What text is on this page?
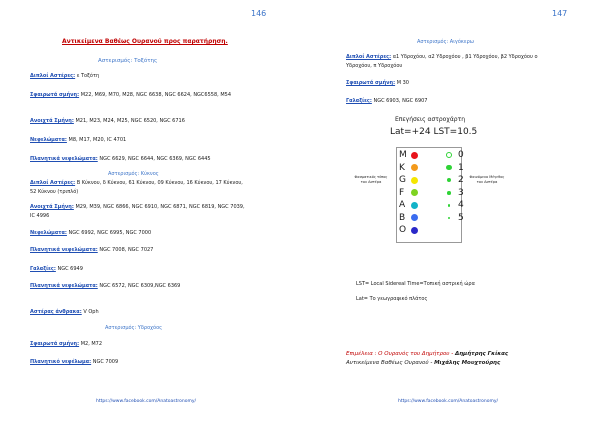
146
Αντικείμενα Βαθέως Ουρανού προς παρατήρηση.
Αστερισμός: Τοξότης
Διπλοί Αστέρες: ε Τοξότη
Σφαιρωτά σμήνη: M22, M69, M70, M28, NGC 6638, NGC 6624, NGC6558, M54
Ανοιχτά Σμήνη: M21, M23, M24, M25, NGC 6520, NGC 6716
Νεφελώματα: M8, M17, M20, IC 4701
Πλανητικά νεφελώματα: NGC 6629, NGC 6644, NGC 6369, NGC 6445
Αστερισμός: Κύκνος
Διπλοί Αστέρες: Β Κύκνου, δ Κύκνου, 61 Κύκνου, 09 Κύκνου, 16 Κύκνου, 17 Κύκνου, 52 Κύκνου (τριπλό)
Ανοιχτά Σμήνη: M29, M39, NGC 6866, NGC 6910, NGC 6871, NGC 6819, NGC 7039, IC 4996
Νεφελώματα: NGC 6992, NGC 6995, NGC 7000
Πλανητικά νεφελώματα: NGC 7008, NGC 7027
Γαλαξίες: NGC 6949
Πλανητικά νεφελώματα: NGC 6572, NGC 6309,NGC 6369
Αστέρας άνθρακα: V Oph
Αστερισμός: Υδροχόος
Σφαιρωτά σμήνη: M2, M72
Πλανητικό νεφέλωμα: NGC 7009
https://www.facebook.com/Anatoastronomy/
147
Αστερισμός: Αιγόκερω
Διπλοί Αστέρες: α1 Υδροχόου, α2 Υδροχόου , β1 Υδροχόου, β2 Υδροχόου ο Υδροχόου, π Υδροχόου
Σφαιρωτά σμήνη: M 30
Γαλαξίες: NGC 6903, NGC 6907
Επεγήσεις αστροχάρτη
Lat=+24 LST=10.5
Φασματικός τύπος του Αστέρα
M
K
G
F
A
B
O
0
1
2
3
4
5
Φαινόμενο Μέγεθος του Αστέρα
LST= Local Sidereal Time=Τοπική αστρική ώρα
Lat= Το γεωγραφικό πλάτος
Επιμέλεια : Ο Ουρανός του Δημήτρου - Δημήτρης Γκίκας
Αντικείμενα Βαθέως Ουρανού - Μιχάλης Μουχτούρης
https://www.facebook.com/Anatoastronomy/
